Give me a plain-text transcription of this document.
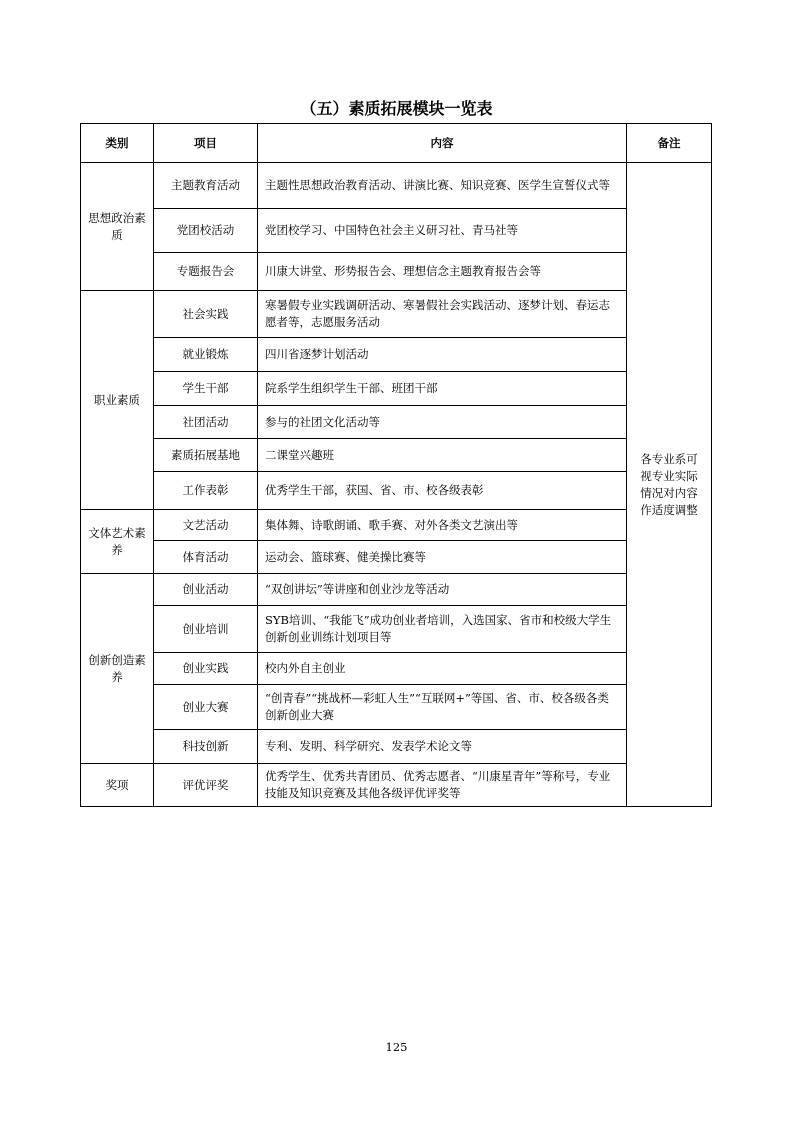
（五）素质拓展模块一览表
类别	项目	内容	备注
思想政治素质	主题教育活动	主题性思想政治教育活动、讲演比赛、知识竞赛、医学生宣誓仪式等	各专业系可视专业实际情况对内容作适度调整
	党团校活动	党团校学习、中国特色社会主义研习社、青马社等	
	专题报告会	川康大讲堂、形势报告会、理想信念主题教育报告会等	
职业素质	社会实践	寒暑假专业实践调研活动、寒暑假社会实践活动、逐梦计划、春运志愿者等，志愿服务活动	
	就业锻炼	四川省逐梦计划活动	
	学生干部	院系学生组织学生干部、班团干部	
	社团活动	参与的社团文化活动等	
	素质拓展基地	二课堂兴趣班	
	工作表彰	优秀学生干部，获国、省、市、校各级表彰	
文体艺术素养	文艺活动	集体舞、诗歌朗诵、歌手赛、对外各类文艺演出等	
	体育活动	运动会、篮球赛、健美操比赛等	
创新创造素养	创业活动	“双创讲坛”等讲座和创业沙龙等活动	
	创业培训	SYB培训、“我能飞”成功创业者培训，入选国家、省市和校级大学生创新创业训练计划项目等	
	创业实践	校内外自主创业	
	创业大赛	“创青春”“挑战杯—彩虹人生”“互联网+”等国、省、市、校各级各类创新创业大赛	
	科技创新	专利、发明、科学研究、发表学术论文等	
奖项	评优评奖	优秀学生、优秀共青团员、优秀志愿者、“川康星青年”等称号，专业技能及知识竞赛及其他各级评优评奖等	
125
